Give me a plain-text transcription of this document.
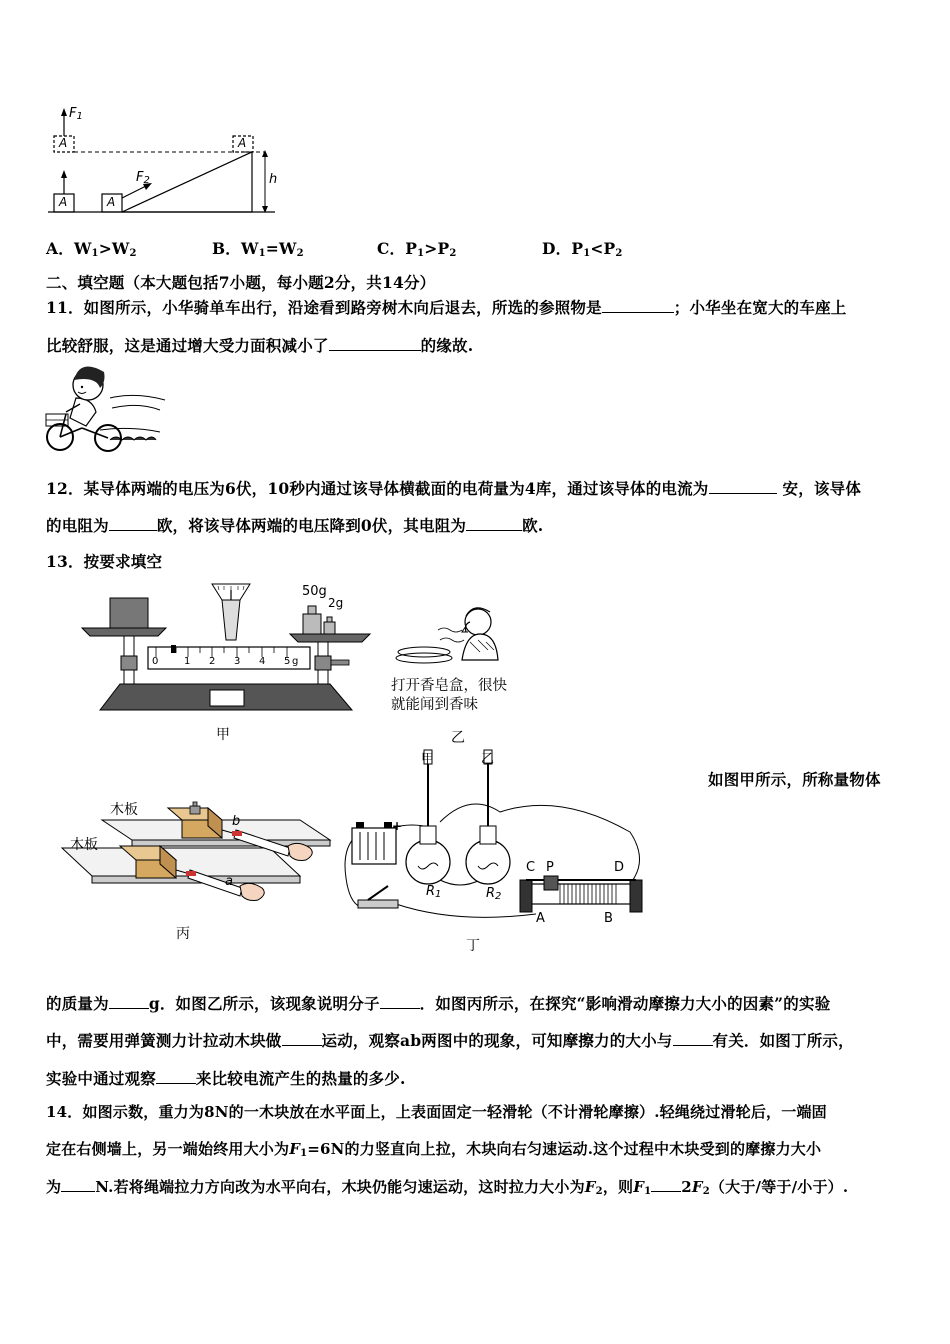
$F_1$
$F_2$
A
A
A
A
h
A．$W_1>W_2$	B．$W_1=W_2$	C．$P_1>P_2$	D．$P_1<P_2$
二、填空题（本大题包括7小题，每小题2分，共14分）
11．如图所示，小华骑单车出行，沿途看到路旁树木向后退去，所选的参照物是	；小华坐在宽大的车座上
比较舒服，这是通过增大受力面积减小了	的缘故.
12．某导体两端的电压为6伏，10秒内通过该导体横截面的电荷量为4库，通过该导体的电流为	安，该导体
的电阻为	欧，将该导体两端的电压降到0伏，其电阻为	欧.
13．按要求填空
50g
2g
0	1 2 3 4 5 g
甲
打开香皂盒，很快
就能闻到香味
乙
如图甲所示，所称量物体
木板
木板
b
a
丙
+
甲	乙
$R_1$	$R_2$
C P	D
A	B
丁
的质量为	g．如图乙所示，该现象说明分子	．如图丙所示，在探究“影响滑动摩擦力大小的因素”的实验
中，需要用弹簧测力计拉动木块做	运动，观察ab两图中的现象，可知摩擦力的大小与	有关．如图丁所示，
实验中通过观察	来比较电流产生的热量的多少.
14．如图示数，重力为8N的一木块放在水平面上，上表面固定一轻滑轮（不计滑轮摩擦）.轻绳绕过滑轮后，一端固
定在右侧墙上，另一端始终用大小为$F_1=6N$的力竖直向上拉，木块向右匀速运动.这个过程中木块受到的摩擦力大小
为 N.若将绳端拉力方向改为水平向右，木块仍能匀速运动，这时拉力大小为$F_2$，则$F_1$ $2F_2$（大于/等于/小于）.
